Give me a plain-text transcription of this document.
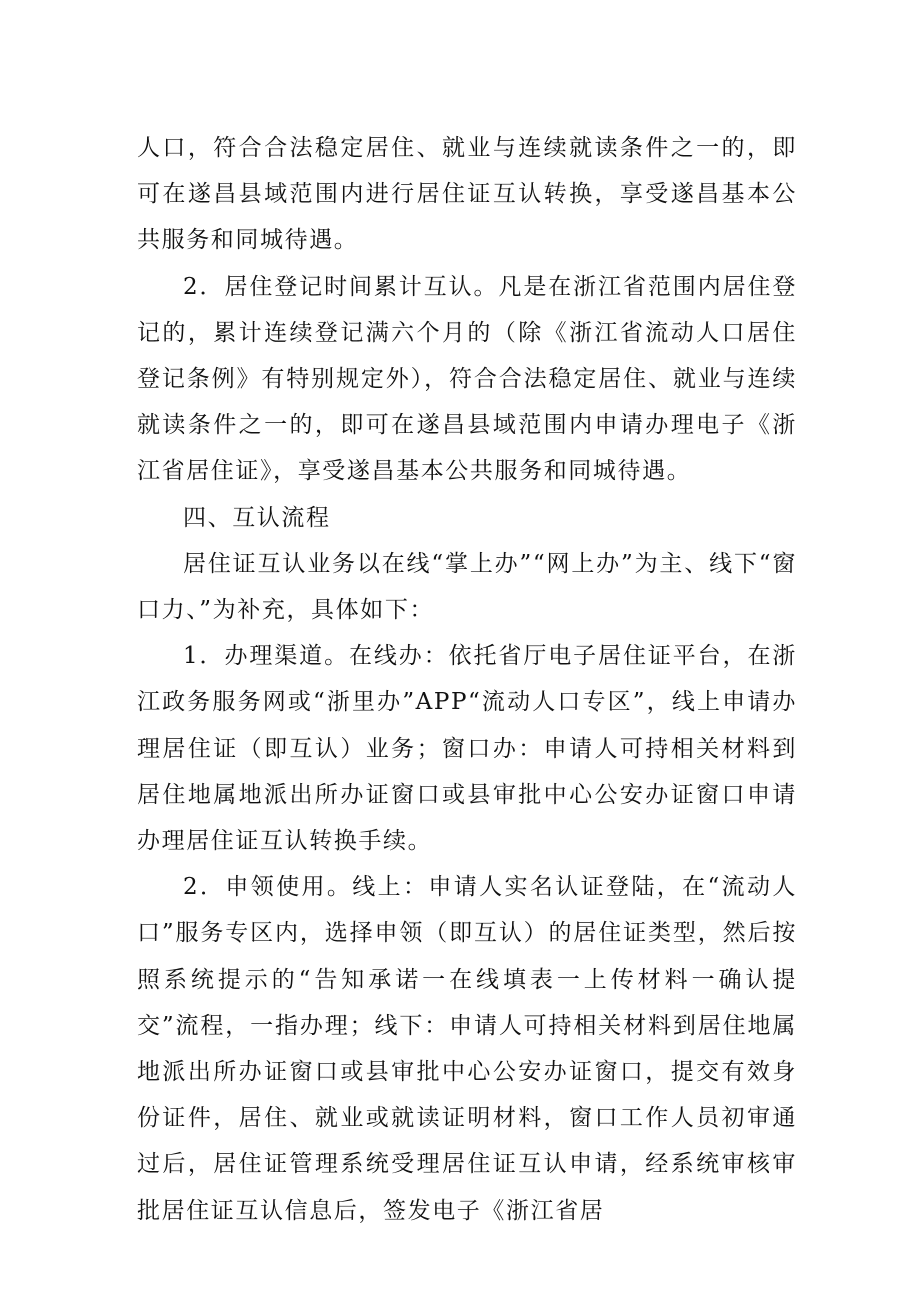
人口，符合合法稳定居住、就业与连续就读条件之一的，即可在遂昌县域范围内进行居住证互认转换，享受遂昌基本公共服务和同城待遇。

2．居住登记时间累计互认。凡是在浙江省范围内居住登记的，累计连续登记满六个月的（除《浙江省流动人口居住登记条例》有特别规定外），符合合法稳定居住、就业与连续就读条件之一的，即可在遂昌县域范围内申请办理电子《浙江省居住证》，享受遂昌基本公共服务和同城待遇。

四、互认流程

居住证互认业务以在线“掌上办”“网上办”为主、线下“窗口力、”为补充，具体如下：

1．办理渠道。在线办：依托省厅电子居住证平台，在浙江政务服务网或“浙里办”APP“流动人口专区”，线上申请办理居住证（即互认）业务；窗口办：申请人可持相关材料到居住地属地派出所办证窗口或县审批中心公安办证窗口申请办理居住证互认转换手续。

2．申领使用。线上：申请人实名认证登陆，在“流动人口”服务专区内，选择申领（即互认）的居住证类型，然后按照系统提示的“告知承诺一在线填表一上传材料一确认提交”流程，一指办理；线下：申请人可持相关材料到居住地属地派出所办证窗口或县审批中心公安办证窗口，提交有效身份证件，居住、就业或就读证明材料，窗口工作人员初审通过后，居住证管理系统受理居住证互认申请，经系统审核审批居住证互认信息后，签发电子《浙江省居
